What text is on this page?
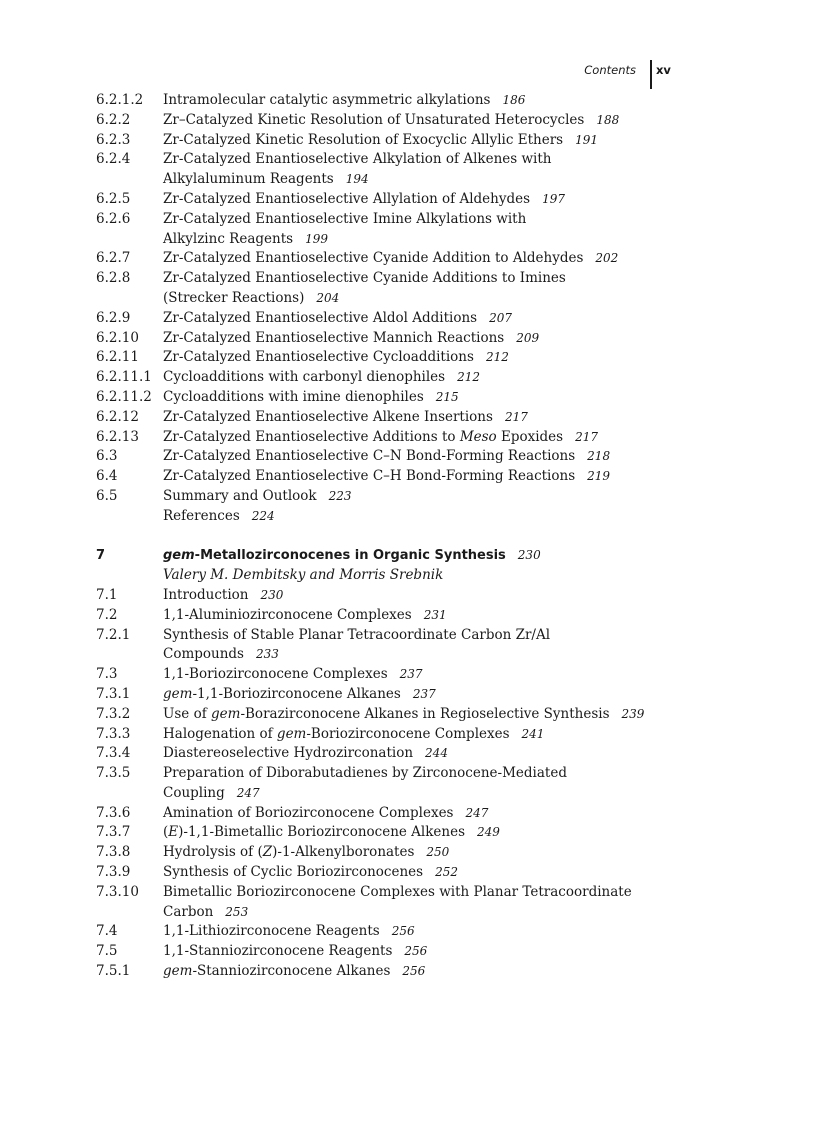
Contents xv
6.2.1.2	Intramolecular catalytic asymmetric alkylations 186
6.2.2	Zr–Catalyzed Kinetic Resolution of Unsaturated Heterocycles 188
6.2.3	Zr-Catalyzed Kinetic Resolution of Exocyclic Allylic Ethers 191
6.2.4	Zr-Catalyzed Enantioselective Alkylation of Alkenes with
Alkylaluminum Reagents 194
6.2.5	Zr-Catalyzed Enantioselective Allylation of Aldehydes 197
6.2.6	Zr-Catalyzed Enantioselective Imine Alkylations with
Alkylzinc Reagents 199
6.2.7	Zr-Catalyzed Enantioselective Cyanide Addition to Aldehydes 202
6.2.8	Zr-Catalyzed Enantioselective Cyanide Additions to Imines
(Strecker Reactions) 204
6.2.9	Zr-Catalyzed Enantioselective Aldol Additions 207
6.2.10	Zr-Catalyzed Enantioselective Mannich Reactions 209
6.2.11	Zr-Catalyzed Enantioselective Cycloadditions 212
6.2.11.1 Cycloadditions with carbonyl dienophiles 212
6.2.11.2 Cycloadditions with imine dienophiles 215
6.2.12	Zr-Catalyzed Enantioselective Alkene Insertions 217
6.2.13	Zr-Catalyzed Enantioselective Additions to Meso Epoxides 217
6.3	Zr-Catalyzed Enantioselective C–N Bond-Forming Reactions 218
6.4	Zr-Catalyzed Enantioselective C–H Bond-Forming Reactions 219
6.5	Summary and Outlook 223
References 224
7	gem-Metallozirconocenes in Organic Synthesis 230
Valery M. Dembitsky and Morris Srebnik
7.1	Introduction 230
7.2	1,1-Aluminiozirconocene Complexes 231
7.2.1	Synthesis of Stable Planar Tetracoordinate Carbon Zr/Al
Compounds 233
7.3	1,1-Boriozirconocene Complexes 237
7.3.1	gem-1,1-Boriozirconocene Alkanes 237
7.3.2	Use of gem-Borazirconocene Alkanes in Regioselective Synthesis 239
7.3.3	Halogenation of gem-Boriozirconocene Complexes 241
7.3.4	Diastereoselective Hydrozirconation 244
7.3.5	Preparation of Diborabutadienes by Zirconocene-Mediated
Coupling 247
7.3.6	Amination of Boriozirconocene Complexes 247
7.3.7	(E)-1,1-Bimetallic Boriozirconocene Alkenes 249
7.3.8	Hydrolysis of (Z)-1-Alkenylboronates 250
7.3.9	Synthesis of Cyclic Boriozirconocenes 252
7.3.10	Bimetallic Boriozirconocene Complexes with Planar Tetracoordinate
Carbon 253
7.4	1,1-Lithiozirconocene Reagents 256
7.5	1,1-Stanniozirconocene Reagents 256
7.5.1	gem-Stanniozirconocene Alkanes 256
